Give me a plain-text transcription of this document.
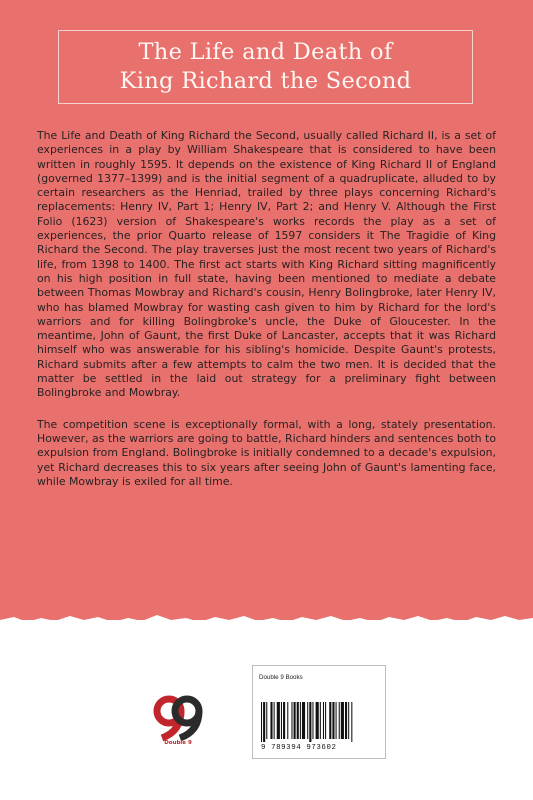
The Life and Death of
King Richard the Second

The Life and Death of King Richard the Second, usually called Richard II, is a set of experiences in a play by William Shakespeare that is considered to have been written in roughly 1595. It depends on the existence of King Richard II of England (governed 1377–1399) and is the initial segment of a quadruplicate, alluded to by certain researchers as the Henriad, trailed by three plays concerning Richard's replacements: Henry IV, Part 1; Henry IV, Part 2; and Henry V. Although the First Folio (1623) version of Shakespeare's works records the play as a set of experiences, the prior Quarto release of 1597 considers it The Tragidie of King Richard the Second. The play traverses just the most recent two years of Richard's life, from 1398 to 1400. The first act starts with King Richard sitting magnificently on his high position in full state, having been mentioned to mediate a debate between Thomas Mowbray and Richard's cousin, Henry Bolingbroke, later Henry IV, who has blamed Mowbray for wasting cash given to him by Richard for the lord's warriors and for killing Bolingbroke's uncle, the Duke of Gloucester. In the meantime, John of Gaunt, the first Duke of Lancaster, accepts that it was Richard himself who was answerable for his sibling's homicide. Despite Gaunt's protests, Richard submits after a few attempts to calm the two men. It is decided that the matter be settled in the laid out strategy for a preliminary fight between Bolingbroke and Mowbray.

The competition scene is exceptionally formal, with a long, stately presentation. However, as the warriors are going to battle, Richard hinders and sentences both to expulsion from England. Bolingbroke is initially condemned to a decade's expulsion, yet Richard decreases this to six years after seeing John of Gaunt's lamenting face, while Mowbray is exiled for all time.

Double 9
Double 9 Books
9 789394 973602
